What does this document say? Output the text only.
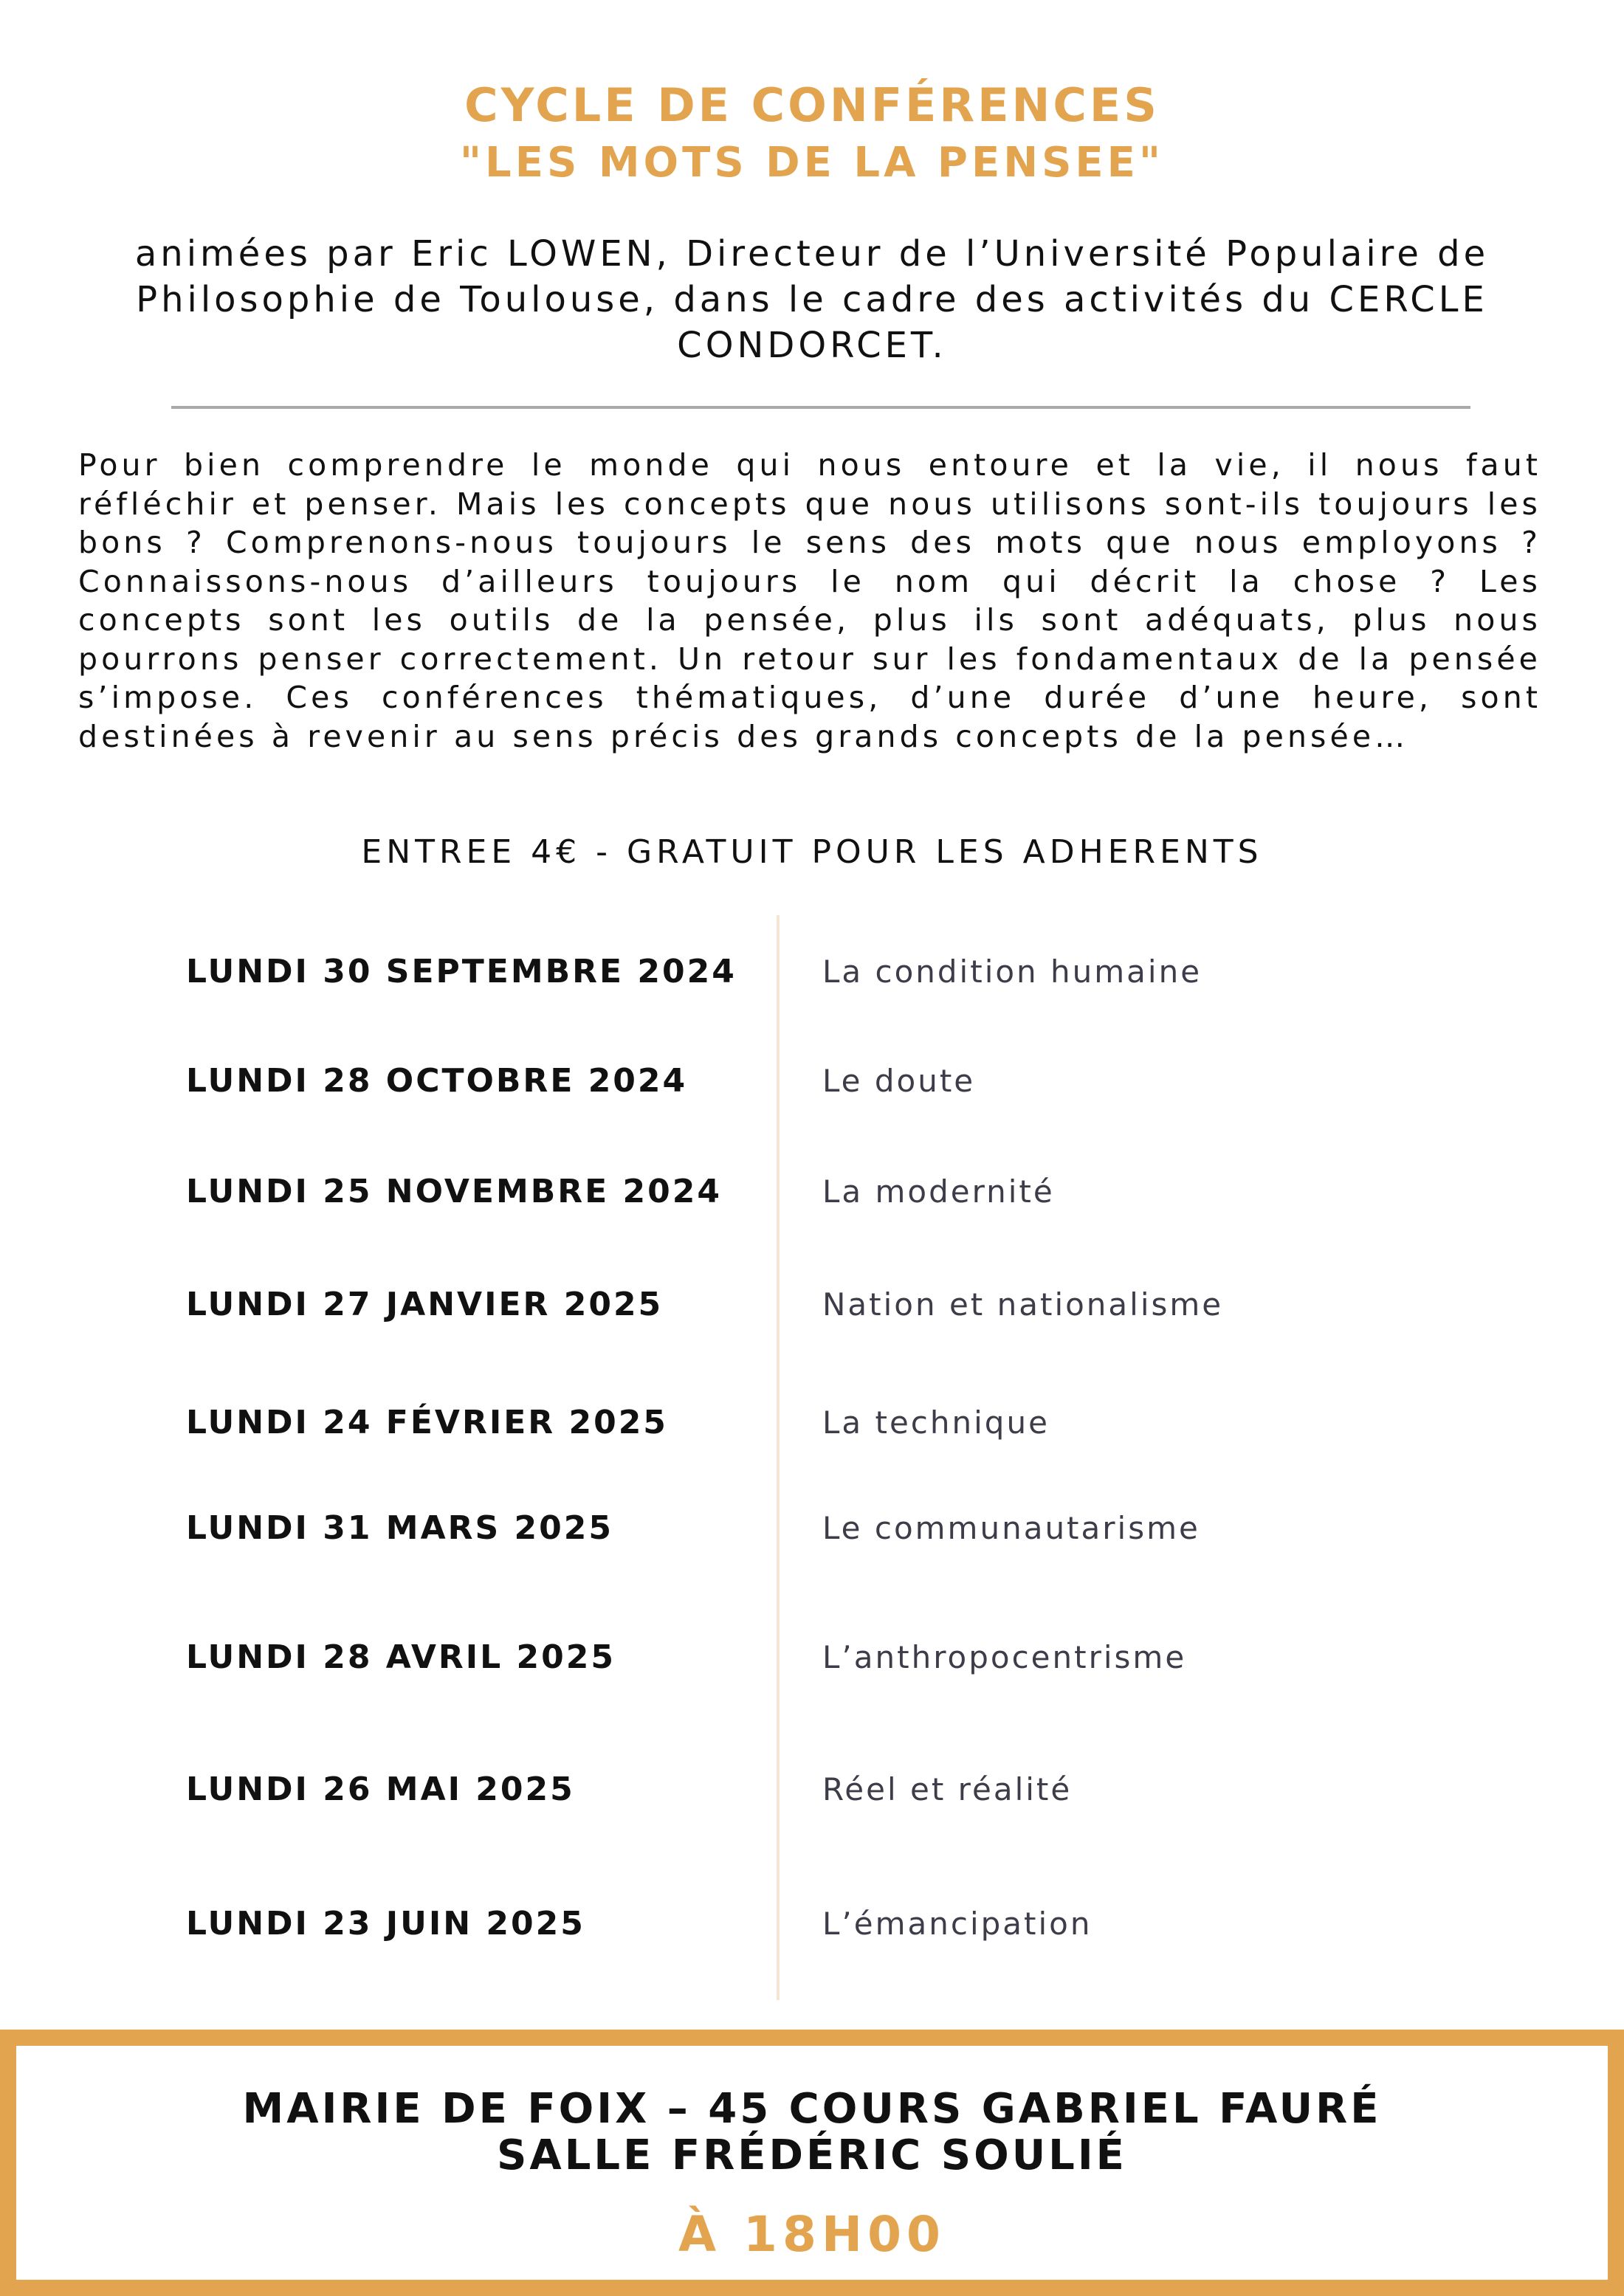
CYCLE DE CONFÉRENCES
"LES MOTS DE LA PENSEE"

animées par Eric LOWEN, Directeur de l’Université Populaire de Philosophie de Toulouse, dans le cadre des activités du CERCLE CONDORCET.

Pour bien comprendre le monde qui nous entoure et la vie, il nous faut réfléchir et penser. Mais les concepts que nous utilisons sont-ils toujours les bons ? Comprenons-nous toujours le sens des mots que nous employons ? Connaissons-nous d’ailleurs toujours le nom qui décrit la chose ? Les concepts sont les outils de la pensée, plus ils sont adéquats, plus nous pourrons penser correctement. Un retour sur les fondamentaux de la pensée s’impose. Ces conférences thématiques, d’une durée d’une heure, sont destinées à revenir au sens précis des grands concepts de la pensée…

ENTREE 4€ - GRATUIT POUR LES ADHERENTS

LUNDI 30 SEPTEMBRE 2024	La condition humaine
LUNDI 28 OCTOBRE 2024	Le doute
LUNDI 25 NOVEMBRE 2024	La modernité
LUNDI 27 JANVIER 2025	Nation et nationalisme
LUNDI 24 FÉVRIER 2025	La technique
LUNDI 31 MARS 2025	Le communautarisme
LUNDI 28 AVRIL 2025	L’anthropocentrisme
LUNDI 26 MAI 2025	Réel et réalité
LUNDI 23 JUIN 2025	L’émancipation
MAIRIE DE FOIX – 45 COURS GABRIEL FAURÉ
SALLE FRÉDÉRIC SOULIÉ
À 18H00
